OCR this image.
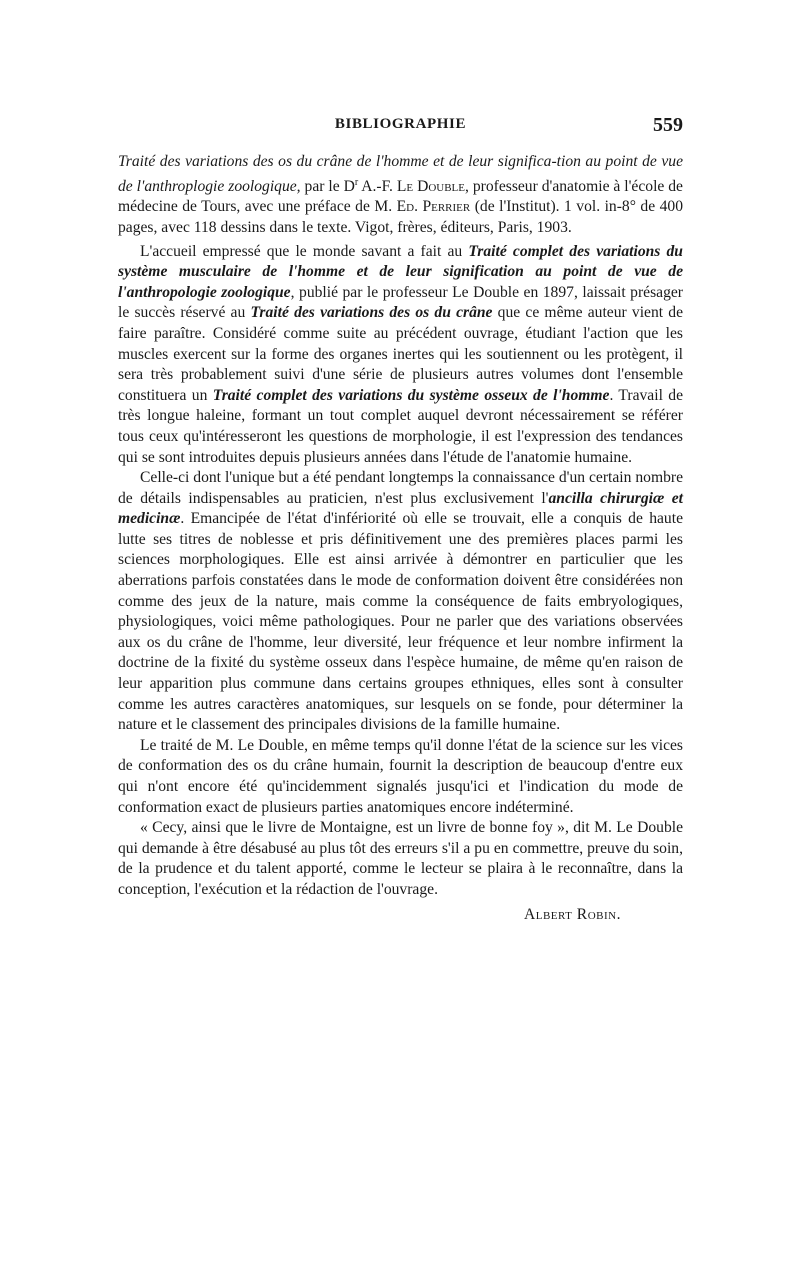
BIBLIOGRAPHIE	559
Traité des variations des os du crâne de l'homme et de leur significa-tion au point de vue de l'anthroplogie zoologique, par le $D^r$ A.-F. Le Double, professeur d'anatomie à l'école de médecine de Tours, avec une préface de M. Ed. Perrier (de l'Institut). 1 vol. in-8° de 400 pages, avec 118 dessins dans le texte. Vigot, frères, éditeurs, Paris, 1903.

L'accueil empressé que le monde savant a fait au Traité complet des variations du système musculaire de l'homme et de leur signification au point de vue de l'anthropologie zoologique, publié par le professeur Le Double en 1897, laissait présager le succès réservé au Traité des variations des os du crâne que ce même auteur vient de faire paraître. Considéré comme suite au précédent ouvrage, étudiant l'action que les muscles exercent sur la forme des organes inertes qui les soutiennent ou les protègent, il sera très probablement suivi d'une série de plusieurs autres volumes dont l'ensemble constituera un Traité complet des variations du système osseux de l'homme. Travail de très longue haleine, formant un tout complet auquel devront nécessairement se référer tous ceux qu'intéresseront les questions de morphologie, il est l'expression des tendances qui se sont introduites depuis plusieurs années dans l'étude de l'anatomie humaine.

Celle-ci dont l'unique but a été pendant longtemps la connaissance d'un certain nombre de détails indispensables au praticien, n'est plus exclusivement l'ancilla chirurgiæ et medicinæ. Emancipée de l'état d'infériorité où elle se trouvait, elle a conquis de haute lutte ses titres de noblesse et pris définitivement une des premières places parmi les sciences morphologiques. Elle est ainsi arrivée à démontrer en particulier que les aberrations parfois constatées dans le mode de conformation doivent être considérées non comme des jeux de la nature, mais comme la conséquence de faits embryologiques, physiologiques, voici même pathologiques. Pour ne parler que des variations observées aux os du crâne de l'homme, leur diversité, leur fréquence et leur nombre infirment la doctrine de la fixité du système osseux dans l'espèce humaine, de même qu'en raison de leur apparition plus commune dans certains groupes ethniques, elles sont à consulter comme les autres caractères anatomiques, sur lesquels on se fonde, pour déterminer la nature et le classement des principales divisions de la famille humaine.

Le traité de M. Le Double, en même temps qu'il donne l'état de la science sur les vices de conformation des os du crâne humain, fournit la description de beaucoup d'entre eux qui n'ont encore été qu'incidemment signalés jusqu'ici et l'indication du mode de conformation exact de plusieurs parties anatomiques encore indéterminé.

« Cecy, ainsi que le livre de Montaigne, est un livre de bonne foy », dit M. Le Double qui demande à être désabusé au plus tôt des erreurs s'il a pu en commettre, preuve du soin, de la prudence et du talent apporté, comme le lecteur se plaira à le reconnaître, dans la conception, l'exécution et la rédaction de l'ouvrage.

Albert Robin.
